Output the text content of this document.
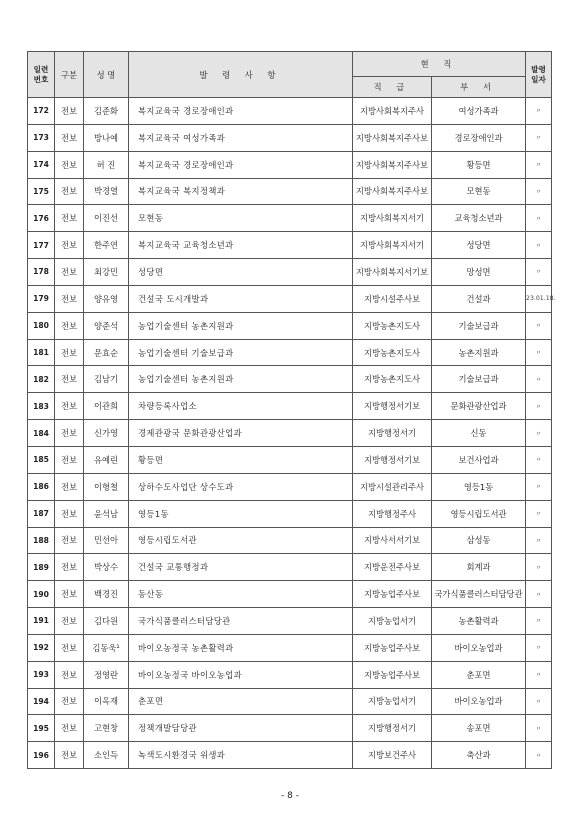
일련
번호	구분	성 명	발 령 사 항	현 직		발령
일자
				직 급	부 서	
172	전보	김준화	복지교육국 경로장애인과	지방사회복지주사	여성가족과	〃
173	전보	방나예	복지교육국 여성가족과	지방사회복지주사보	경로장애인과	〃
174	전보	허 진	복지교육국 경로장애인과	지방사회복지주사보	황등면	〃
175	전보	박경열	복지교육국 복지정책과	지방사회복지주사보	모현동	〃
176	전보	이진선	모현동	지방사회복지서기	교육청소년과	〃
177	전보	한주연	복지교육국 교육청소년과	지방사회복지서기	성당면	〃
178	전보	최강민	성당면	지방사회복지서기보	망성면	〃
179	전보	양유영	건설국 도시개발과	지방시설주사보	건설과	23.01.18.
180	전보	양준석	농업기술센터 농촌지원과	지방농촌지도사	기술보급과	〃
181	전보	문효순	농업기술센터 기술보급과	지방농촌지도사	농촌지원과	〃
182	전보	김남기	농업기술센터 농촌지원과	지방농촌지도사	기술보급과	〃
183	전보	이관희	차량등록사업소	지방행정서기보	문화관광산업과	〃
184	전보	신가영	경제관광국 문화관광산업과	지방행정서기	신동	〃
185	전보	유예린	황등면	지방행정서기보	보건사업과	〃
186	전보	이형철	상하수도사업단 상수도과	지방시설관리주사	영등1동	〃
187	전보	윤석남	영등1동	지방행정주사	영등시립도서관	〃
188	전보	민선아	영등시립도서관	지방사서서기보	삼성동	〃
189	전보	박상수	건설국 교통행정과	지방운전주사보	회계과	〃
190	전보	백경진	동산동	지방농업주사보	국가식품클러스터담당관	〃
191	전보	김다원	국가식품클러스터담당관	지방농업서기	농촌활력과	〃
192	전보	김동욱¹	바이오농정국 농촌활력과	지방농업주사보	바이오농업과	〃
193	전보	정영란	바이오농정국 바이오농업과	지방농업주사보	춘포면	〃
194	전보	이옥재	춘포면	지방농업서기	바이오농업과	〃
195	전보	고현창	정책개발담당관	지방행정서기	송포면	〃
196	전보	소인득	녹색도시환경국 위생과	지방보건주사	축산과	〃
- 8 -
